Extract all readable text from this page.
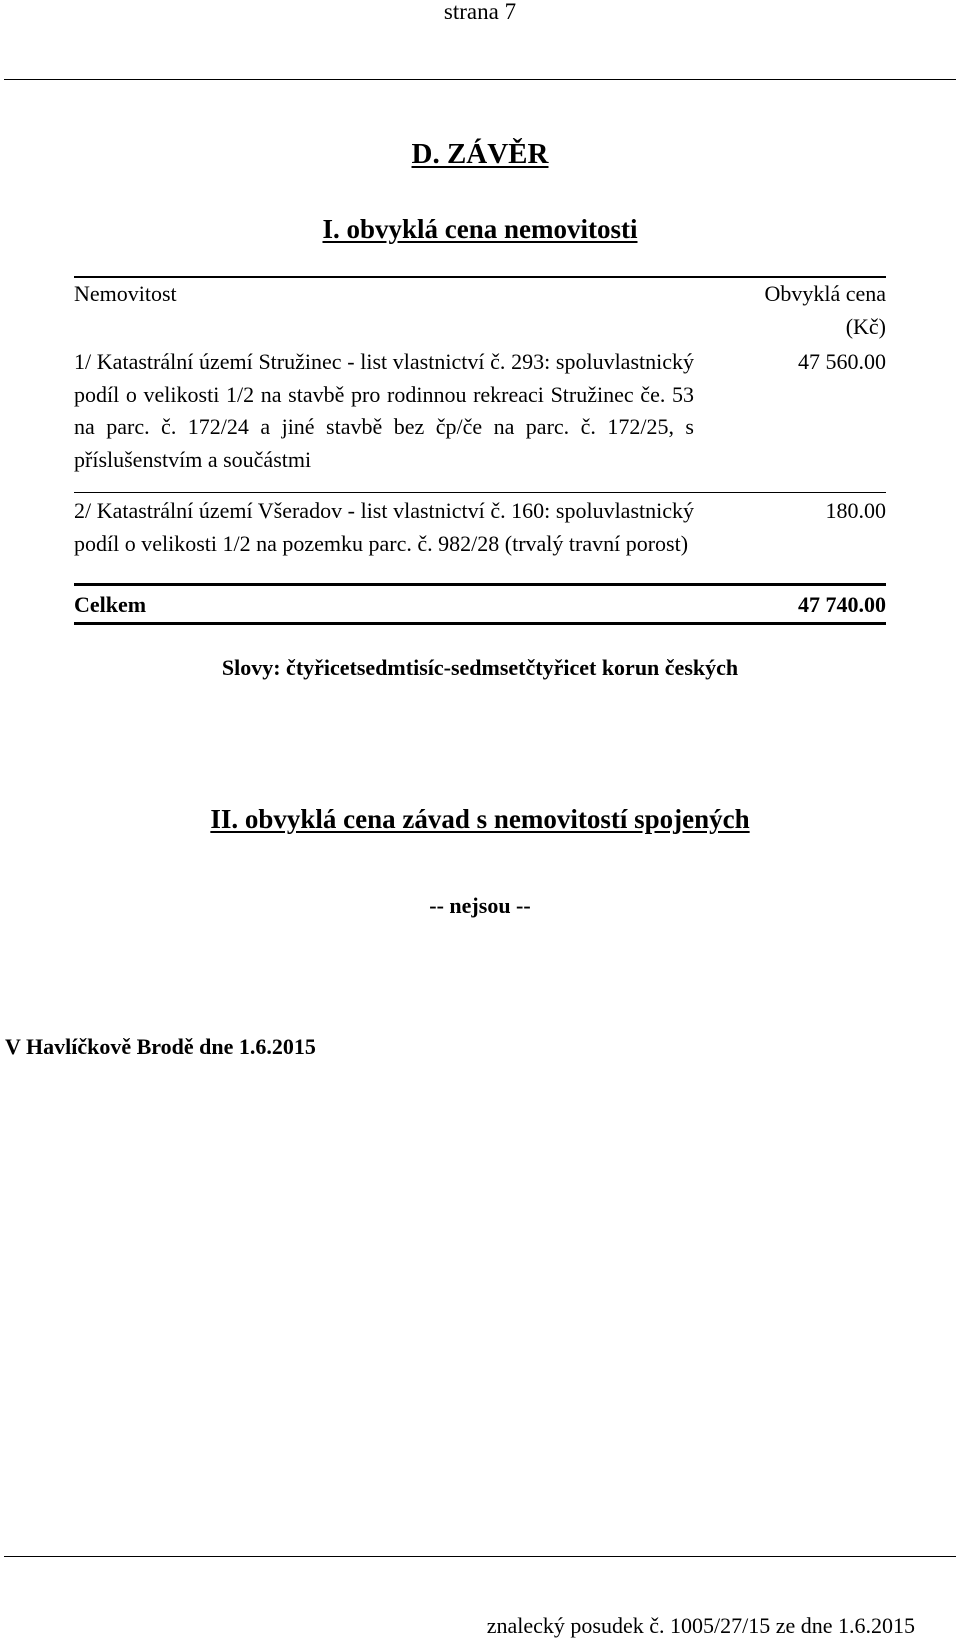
strana 7
D. ZÁVĚR
I. obvyklá cena nemovitosti
Nemovitost	Obvyklá cena (Kč)
1/ Katastrální území Stružinec - list vlastnictví č. 293: spoluvlastnický podíl o velikosti 1/2 na stavbě pro rodinnou rekreaci Stružinec če. 53 na parc. č. 172/24 a jiné stavbě bez čp/če na parc. č. 172/25, s příslušenstvím a součástmi
47 560.00
2/ Katastrální území Všeradov - list vlastnictví č. 160: spoluvlastnický podíl o velikosti 1/2 na pozemku parc. č. 982/28 (trvalý travní porost)
180.00
Celkem	47 740.00
Slovy: čtyřicetsedmtisíc-sedmsetčtyřicet korun českých
II. obvyklá cena závad s nemovitostí spojených
-- nejsou --
V Havlíčkově Brodě dne 1.6.2015
znalecký posudek č. 1005/27/15 ze dne 1.6.2015
